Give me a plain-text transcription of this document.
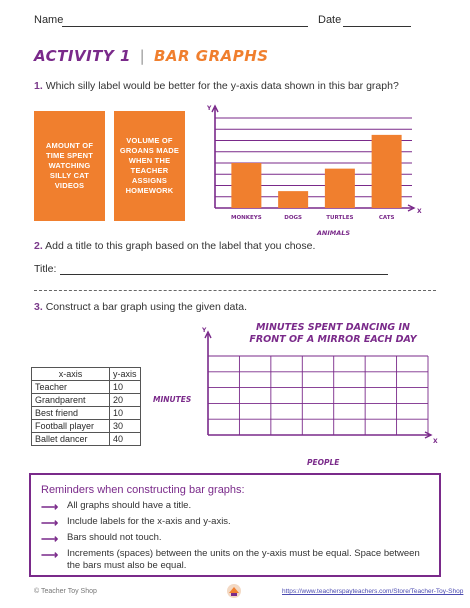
Name	Date
ACTIVITY 1 | BAR GRAPHS
1. Which silly label would be better for the y-axis data shown in this bar graph?
AMOUNT OF TIME SPENT WATCHING SILLY CAT VIDEOS
VOLUME OF GROANS MADE WHEN THE TEACHER ASSIGNS HOMEWORK
Y
X
MONKEYS	DOGS	TURTLES	CATS
ANIMALS
2. Add a title to this graph based on the label that you chose.
Title:
3. Construct a bar graph using the given data.
x-axis	y-axis
Teacher	10
Grandparent	20
Best friend	10
Football player	30
Ballet dancer	40
MINUTES SPENT DANCING IN FRONT OF A MIRROR EACH DAY
MINUTES
PEOPLE
Y
X
Reminders when constructing bar graphs:
⟶ All graphs should have a title.
⟶ Include labels for the x-axis and y-axis.
⟶ Bars should not touch.
⟶ Increments (spaces) between the units on the y-axis must be equal. Space between the bars must also be equal.
© Teacher Toy Shop	https://www.teacherspayteachers.com/Store/Teacher-Toy-Shop
